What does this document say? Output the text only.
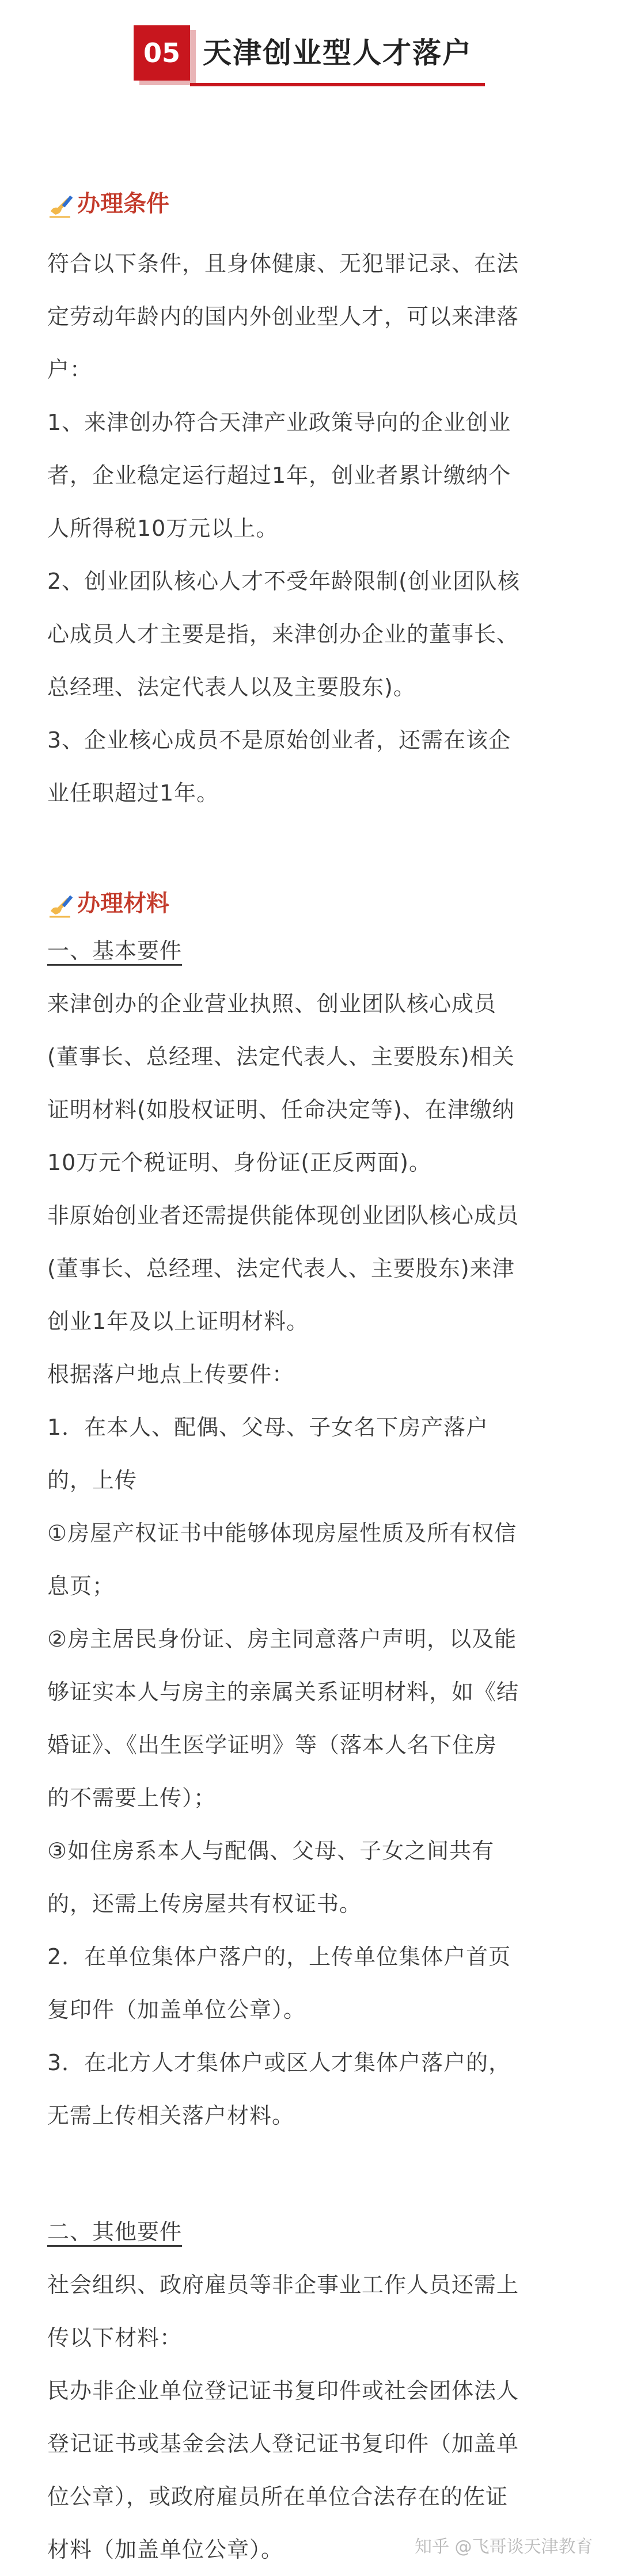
05 天津创业型人才落户
办理条件

符合以下条件，且身体健康、无犯罪记录、在法

定劳动年龄内的国内外创业型人才，可以来津落

户：

1、来津创办符合天津产业政策导向的企业创业

者，企业稳定运行超过1年，创业者累计缴纳个

人所得税10万元以上。

2、创业团队核心人才不受年龄限制(创业团队核

心成员人才主要是指，来津创办企业的董事长、

总经理、法定代表人以及主要股东)。

3、企业核心成员不是原始创业者，还需在该企

业任职超过1年。

办理材料

一、基本要件

来津创办的企业营业执照、创业团队核心成员

(董事长、总经理、法定代表人、主要股东)相关

证明材料(如股权证明、任命决定等)、在津缴纳

10万元个税证明、身份证(正反两面)。

非原始创业者还需提供能体现创业团队核心成员

(董事长、总经理、法定代表人、主要股东)来津

创业1年及以上证明材料。

根据落户地点上传要件：

1．在本人、配偶、父母、子女名下房产落户

的，上传

①房屋产权证书中能够体现房屋性质及所有权信

息页；

②房主居民身份证、房主同意落户声明，以及能

够证实本人与房主的亲属关系证明材料，如《结

婚证》、《出生医学证明》等（落本人名下住房

的不需要上传）；

③如住房系本人与配偶、父母、子女之间共有

的，还需上传房屋共有权证书。

2．在单位集体户落户的，上传单位集体户首页

复印件（加盖单位公章）。

3．在北方人才集体户或区人才集体户落户的，

无需上传相关落户材料。

二、其他要件

社会组织、政府雇员等非企事业工作人员还需上

传以下材料：

民办非企业单位登记证书复印件或社会团体法人

登记证书或基金会法人登记证书复印件（加盖单

位公章），或政府雇员所在单位合法存在的佐证

材料（加盖单位公章）。	知乎 @飞哥谈天津教育
